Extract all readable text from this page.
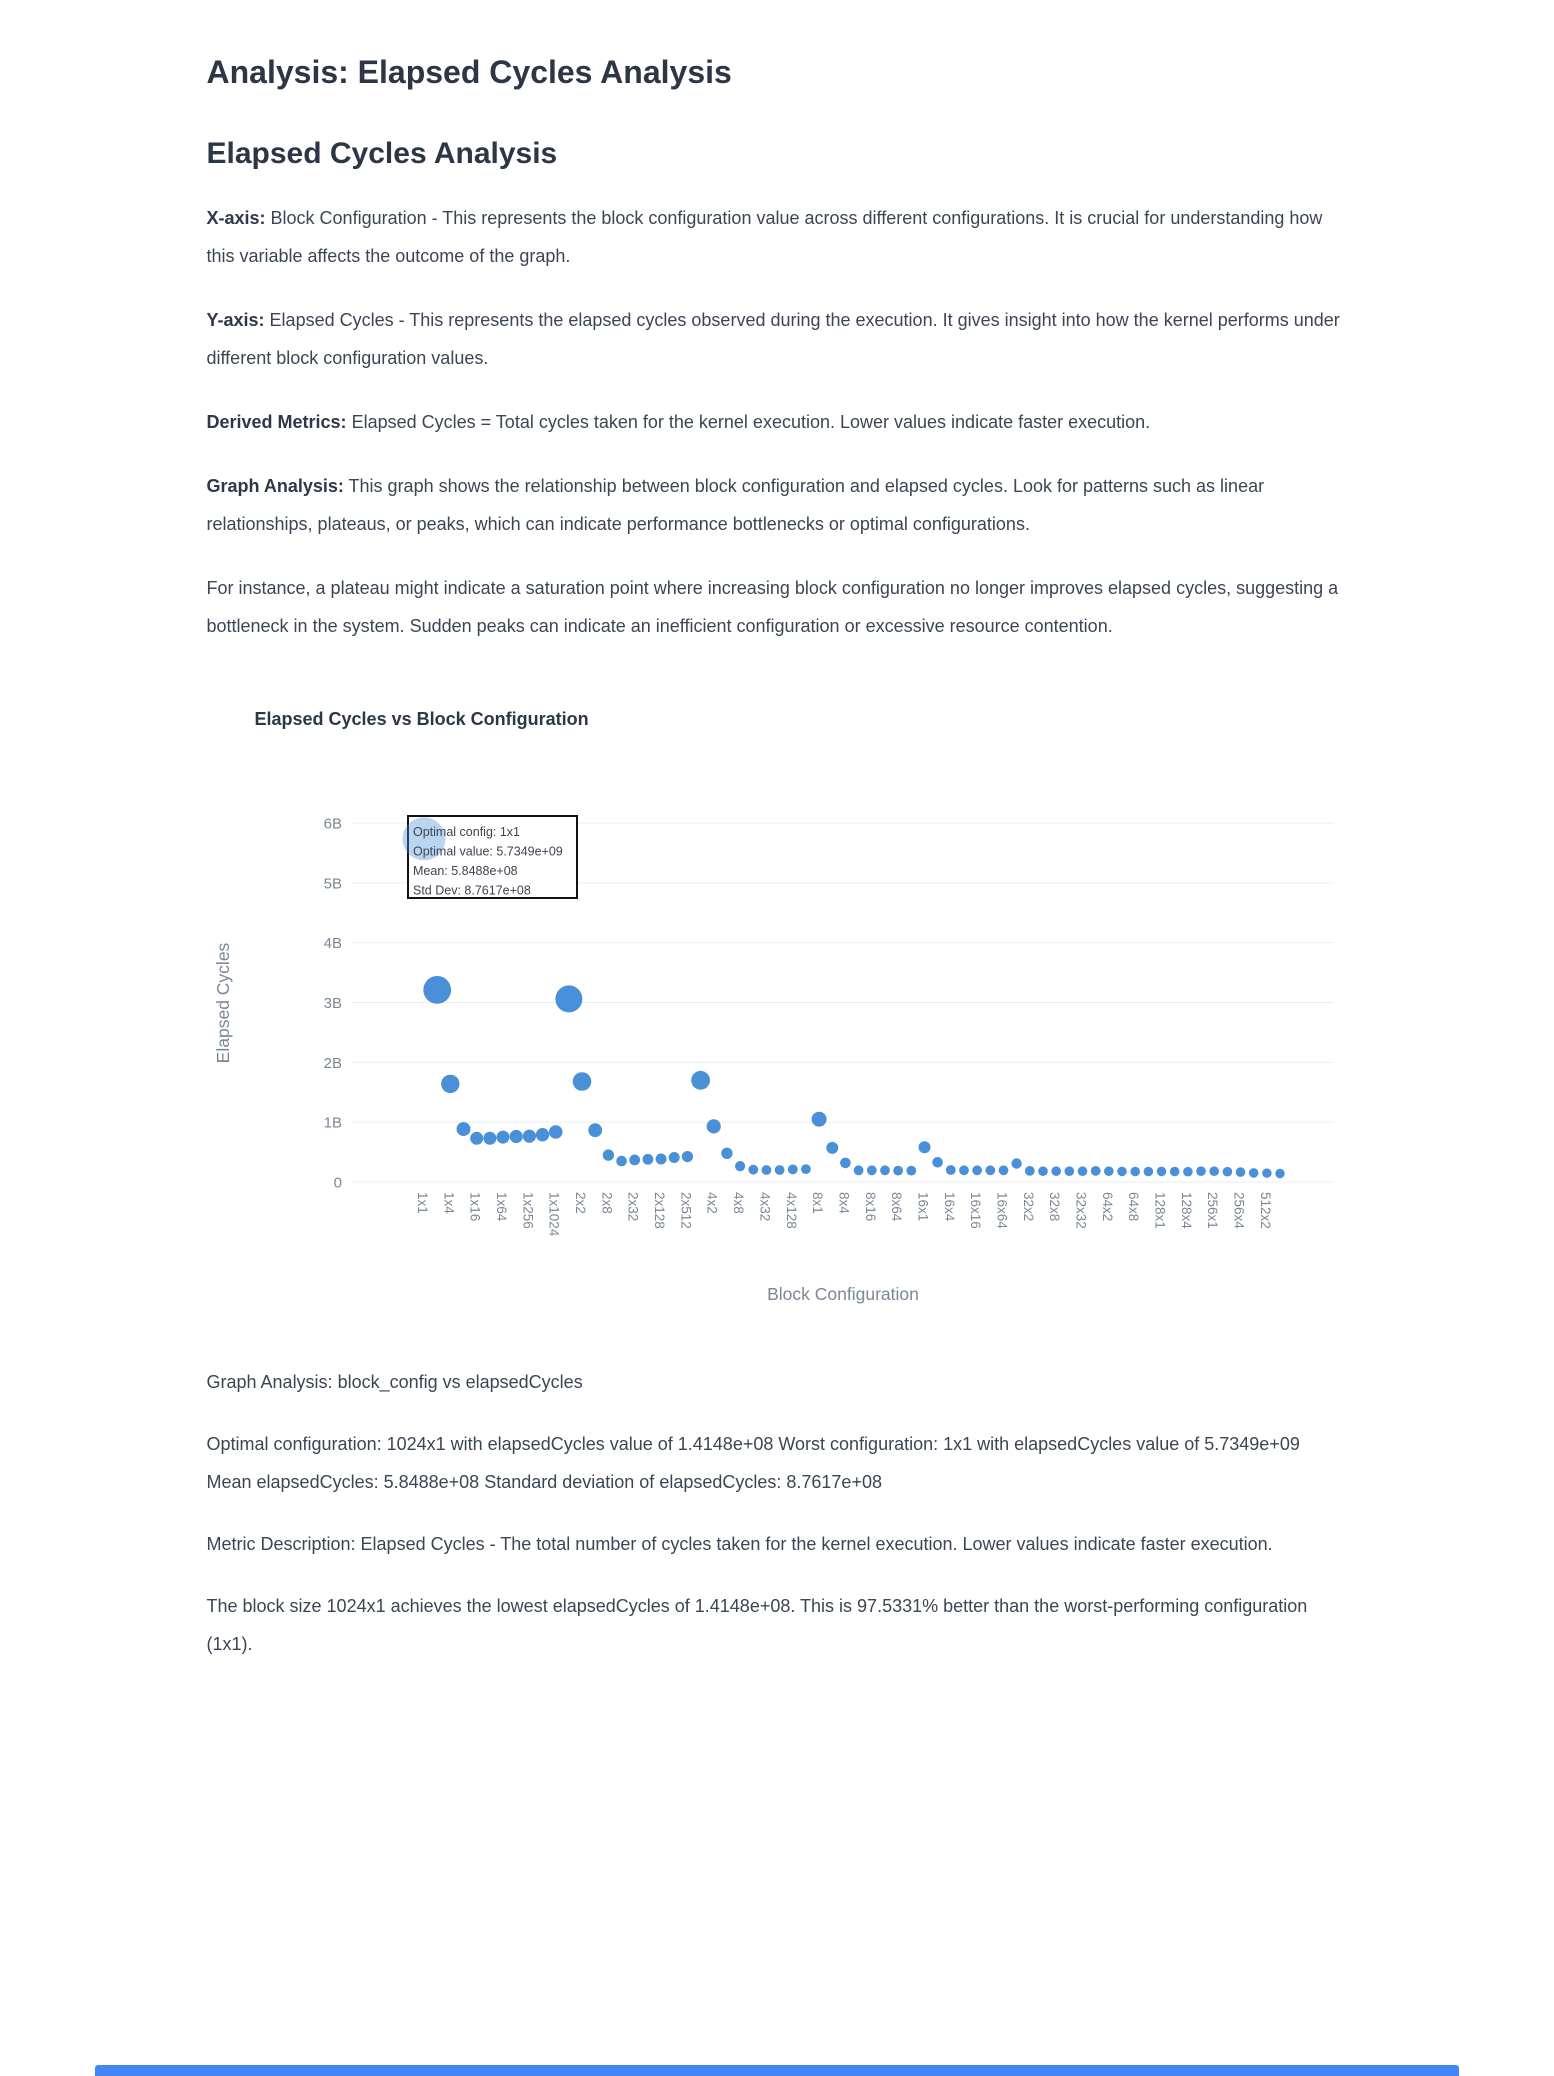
Analysis: Elapsed Cycles Analysis
Elapsed Cycles Analysis

X-axis: Block Configuration - This represents the block configuration value across different configurations. It is crucial for understanding how this variable affects the outcome of the graph.

Y-axis: Elapsed Cycles - This represents the elapsed cycles observed during the execution. It gives insight into how the kernel performs under different block configuration values.

Derived Metrics: Elapsed Cycles = Total cycles taken for the kernel execution. Lower values indicate faster execution.

Graph Analysis: This graph shows the relationship between block configuration and elapsed cycles. Look for patterns such as linear relationships, plateaus, or peaks, which can indicate performance bottlenecks or optimal configurations.

For instance, a plateau might indicate a saturation point where increasing block configuration no longer improves elapsed cycles, suggesting a bottleneck in the system. Sudden peaks can indicate an inefficient configuration or excessive resource contention.

Elapsed Cycles vs Block Configuration
0
1B
2B
3B
4B
5B
6B
Elapsed Cycles
1x1 1x4 1x16 1x64 1x256 1x1024 2x2 2x8 2x32 2x128 2x512 4x2 4x8 4x32 4x128 8x1 8x4 8x16 8x64 16x1 16x4 16x16 16x64 32x2 32x8 32x32 64x2 64x8 128x1 128x4 256x1 256x4 512x2
Block Configuration
Optimal config: 1x1
Optimal value: 5.7349e+09
Mean: 5.8488e+08
Std Dev: 8.7617e+08

Graph Analysis: block_config vs elapsedCycles

Optimal configuration: 1024x1 with elapsedCycles value of 1.4148e+08 Worst configuration: 1x1 with elapsedCycles value of 5.7349e+09 Mean elapsedCycles: 5.8488e+08 Standard deviation of elapsedCycles: 8.7617e+08

Metric Description: Elapsed Cycles - The total number of cycles taken for the kernel execution. Lower values indicate faster execution.

The block size 1024x1 achieves the lowest elapsedCycles of 1.4148e+08. This is 97.5331% better than the worst-performing configuration (1x1).
